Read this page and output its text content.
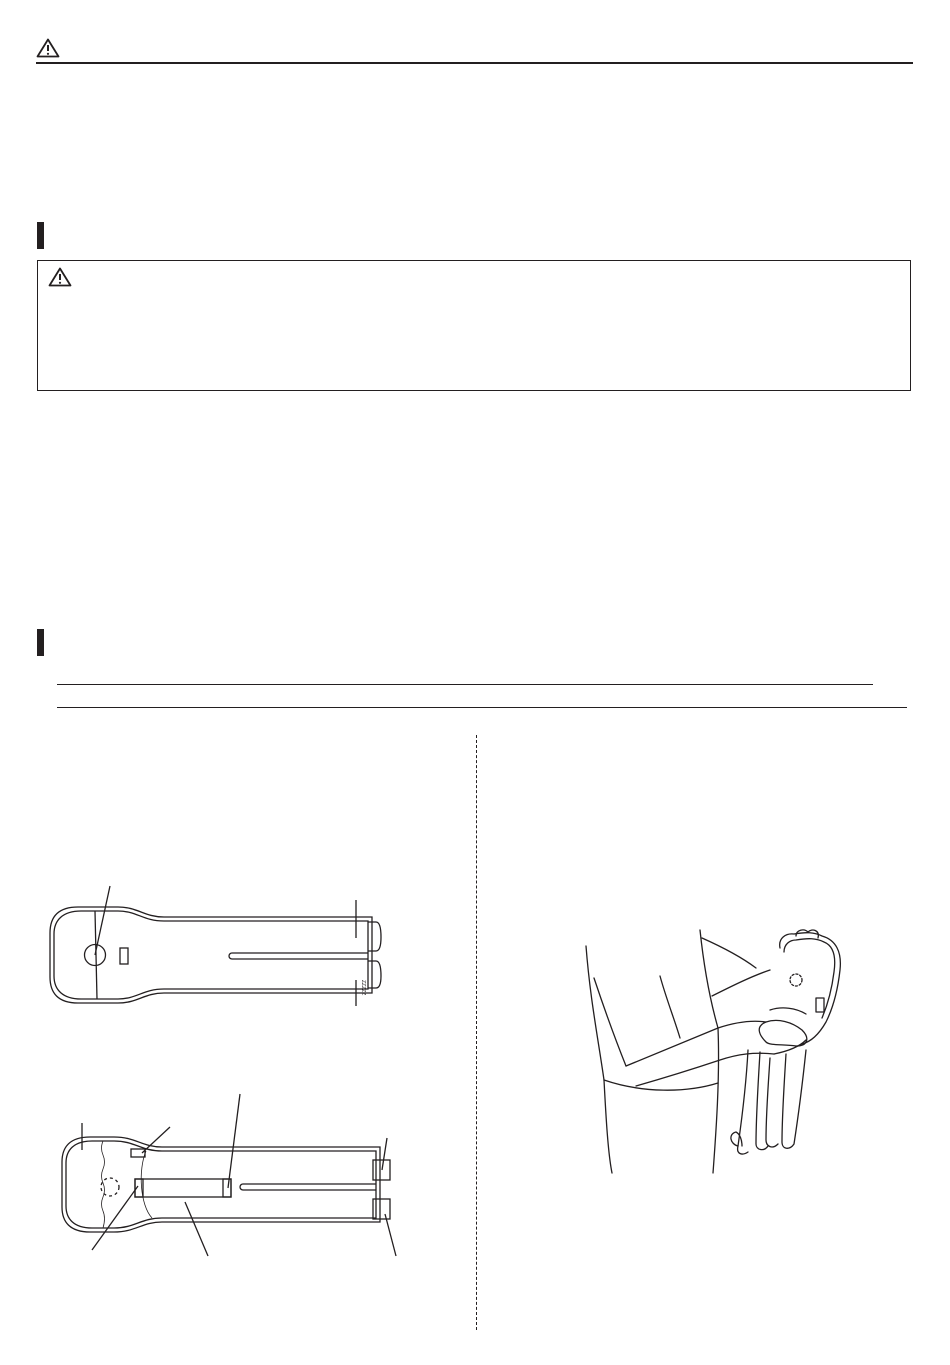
ZZZZZ
